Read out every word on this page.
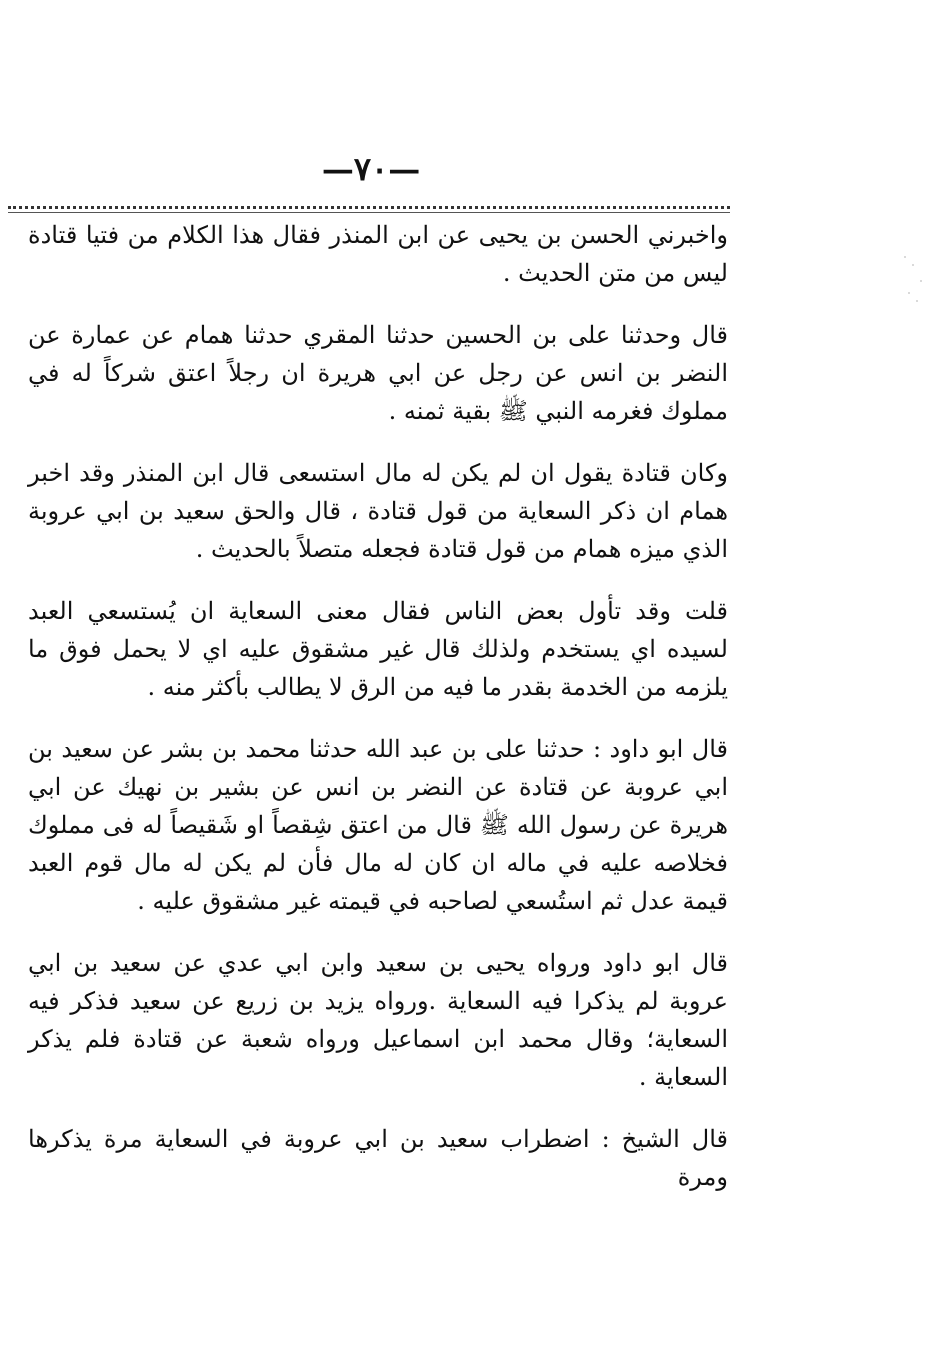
—٧٠—

واخبرني الحسن بن يحيى عن ابن المنذر فقال هذا الكلام من فتيا قتادة ليس من متن الحديث .

قال وحدثنا على بن الحسين حدثنا المقري حدثنا همام عن عمارة عن النضر بن انس عن رجل عن ابي هريرة ان رجلاً اعتق شركاً له في مملوك فغرمه النبي ﷺ بقية ثمنه .

وكان قتادة يقول ان لم يكن له مال استسعى قال ابن المنذر وقد اخبر همام ان ذكر السعاية من قول قتادة ، قال والحق سعيد بن ابي عروبة الذي ميزه همام من قول قتادة فجعله متصلاً بالحديث .

قلت وقد تأول بعض الناس فقال معنى السعاية ان يُستسعي العبد لسيده اي يستخدم ولذلك قال غير مشقوق عليه اي لا يحمل فوق ما يلزمه من الخدمة بقدر ما فيه من الرق لا يطالب بأكثر منه .

قال ابو داود : حدثنا على بن عبد الله حدثنا محمد بن بشر عن سعيد بن ابي عروبة عن قتادة عن النضر بن انس عن بشير بن نهيك عن ابي هريرة عن رسول الله ﷺ قال من اعتق شِقصاً او شَقيصاً له فى مملوك فخلاصه عليه في ماله ان كان له مال فأن لم يكن له مال قوم العبد قيمة عدل ثم استُسعي لصاحبه في قيمته غير مشقوق عليه .

قال ابو داود ورواه يحيى بن سعيد وابن ابي عدي عن سعيد بن ابي عروبة لم يذكرا فيه السعاية .ورواه يزيد بن زريع عن سعيد فذكر فيه السعاية؛ وقال محمد ابن اسماعيل ورواه شعبة عن قتادة فلم يذكر السعاية .

قال الشيخ : اضطراب سعيد بن ابي عروبة في السعاية مرة يذكرها ومرة
